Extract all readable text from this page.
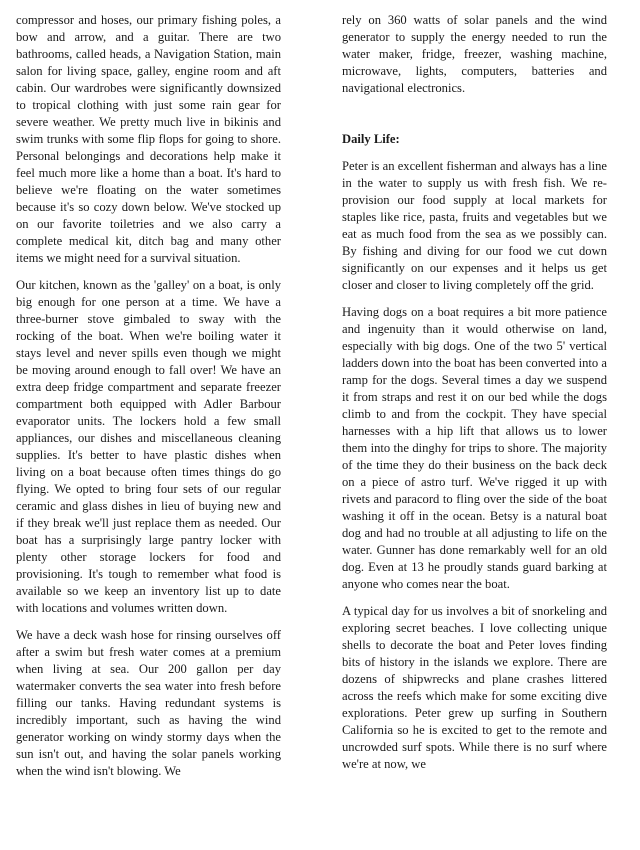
compressor and hoses, our primary fishing poles, a bow and arrow, and a guitar. There are two bathrooms, called heads, a Navigation Station, main salon for living space, galley, engine room and aft cabin. Our wardrobes were significantly downsized to tropical clothing with just some rain gear for severe weather. We pretty much live in bikinis and swim trunks with some flip flops for going to shore. Personal belongings and decorations help make it feel much more like a home than a boat. It's hard to believe we're floating on the water sometimes because it's so cozy down below. We've stocked up on our favorite toiletries and we also carry a complete medical kit, ditch bag and many other items we might need for a survival situation.

Our kitchen, known as the 'galley' on a boat, is only big enough for one person at a time. We have a three-burner stove gimbaled to sway with the rocking of the boat. When we're boiling water it stays level and never spills even though we might be moving around enough to fall over! We have an extra deep fridge compartment and separate freezer compartment both equipped with Adler Barbour evaporator units. The lockers hold a few small appliances, our dishes and miscellaneous cleaning supplies. It's better to have plastic dishes when living on a boat because often times things do go flying. We opted to bring four sets of our regular ceramic and glass dishes in lieu of buying new and if they break we'll just replace them as needed. Our boat has a surprisingly large pantry locker with plenty other storage lockers for food and provisioning. It's tough to remember what food is available so we keep an inventory list up to date with locations and volumes written down.

We have a deck wash hose for rinsing ourselves off after a swim but fresh water comes at a premium when living at sea. Our 200 gallon per day watermaker converts the sea water into fresh before filling our tanks. Having redundant systems is incredibly important, such as having the wind generator working on windy stormy days when the sun isn't out, and having the solar panels working when the wind isn't blowing. We

rely on 360 watts of solar panels and the wind generator to supply the energy needed to run the water maker, fridge, freezer, washing machine, microwave, lights, computers, batteries and navigational electronics.

Daily Life:

Peter is an excellent fisherman and always has a line in the water to supply us with fresh fish. We re-provision our food supply at local markets for staples like rice, pasta, fruits and vegetables but we eat as much food from the sea as we possibly can. By fishing and diving for our food we cut down significantly on our expenses and it helps us get closer and closer to living completely off the grid.

Having dogs on a boat requires a bit more patience and ingenuity than it would otherwise on land, especially with big dogs. One of the two 5' vertical ladders down into the boat has been converted into a ramp for the dogs. Several times a day we suspend it from straps and rest it on our bed while the dogs climb to and from the cockpit. They have special harnesses with a hip lift that allows us to lower them into the dinghy for trips to shore. The majority of the time they do their business on the back deck on a piece of astro turf. We've rigged it up with rivets and paracord to fling over the side of the boat washing it off in the ocean. Betsy is a natural boat dog and had no trouble at all adjusting to life on the water. Gunner has done remarkably well for an old dog. Even at 13 he proudly stands guard barking at anyone who comes near the boat.

A typical day for us involves a bit of snorkeling and exploring secret beaches. I love collecting unique shells to decorate the boat and Peter loves finding bits of history in the islands we explore. There are dozens of shipwrecks and plane crashes littered across the reefs which make for some exciting dive explorations. Peter grew up surfing in Southern California so he is excited to get to the remote and uncrowded surf spots. While there is no surf where we're at now, we
